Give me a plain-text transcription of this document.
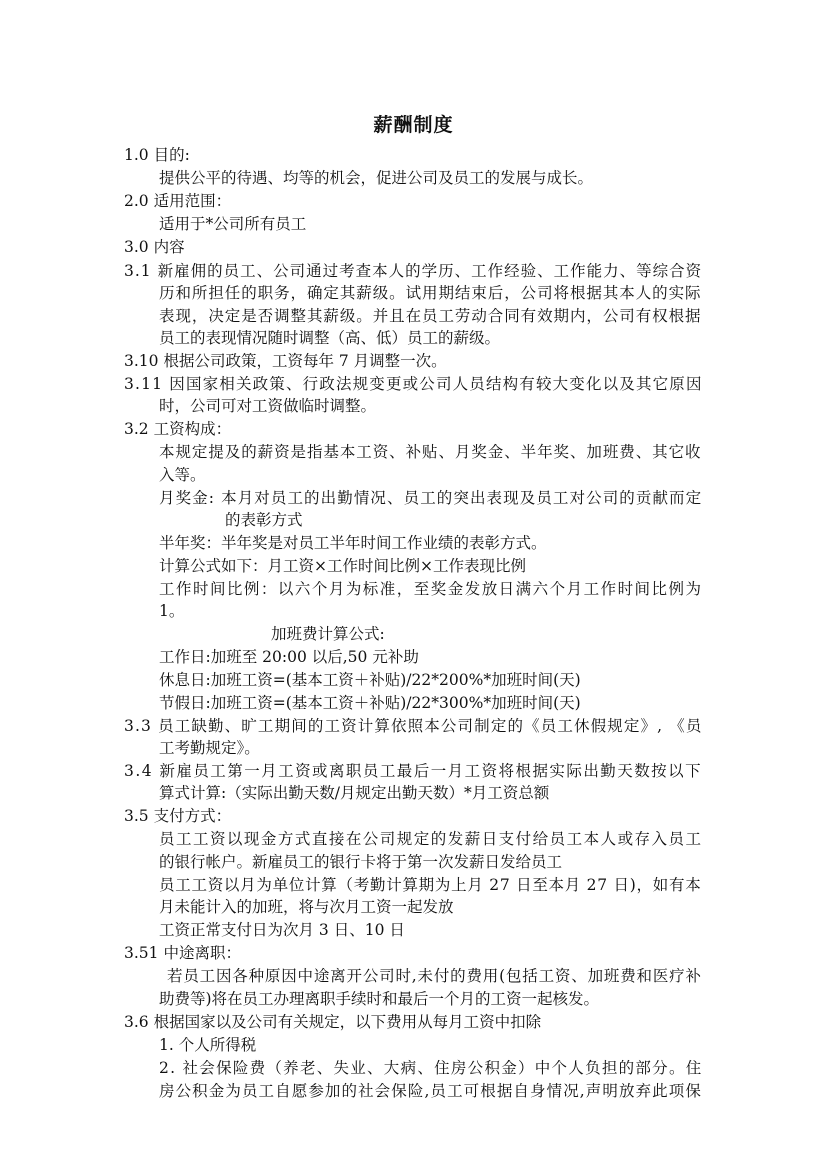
薪酬制度
1.0 目的:
提供公平的待遇、均等的机会，促进公司及员工的发展与成长。
2.0 适用范围：
适用于*公司所有员工
3.0 内容
3.1 新雇佣的员工、公司通过考查本人的学历、工作经验、工作能力、等综合资
历和所担任的职务，确定其薪级。试用期结束后，公司将根据其本人的实际
表现，决定是否调整其薪级。并且在员工劳动合同有效期内，公司有权根据
员工的表现情况随时调整（高、低）员工的薪级。
3.10 根据公司政策，工资每年 7 月调整一次。
3.11 因国家相关政策、行政法规变更或公司人员结构有较大变化以及其它原因
时，公司可对工资做临时调整。
3.2 工资构成：
本规定提及的薪资是指基本工资、补贴、月奖金、半年奖、加班费、其它收
入等。
月奖金: 本月对员工的出勤情况、员工的突出表现及员工对公司的贡献而定
的表彰方式
半年奖：半年奖是对员工半年时间工作业绩的表彰方式。
计算公式如下：月工资×工作时间比例×工作表现比例
工作时间比例：以六个月为标准，至奖金发放日满六个月工作时间比例为
1。
加班费计算公式:
工作日:加班至 20:00 以后,50 元补助
休息日:加班工资=(基本工资＋补贴)/22*200%*加班时间(天)
节假日:加班工资=(基本工资＋补贴)/22*300%*加班时间(天)
3.3 员工缺勤、旷工期间的工资计算依照本公司制定的《员工休假规定》, 《员
工考勤规定》。
3.4 新雇员工第一月工资或离职员工最后一月工资将根据实际出勤天数按以下
算式计算:（实际出勤天数/月规定出勤天数）*月工资总额
3.5 支付方式：
员工工资以现金方式直接在公司规定的发薪日支付给员工本人或存入员工
的银行帐户。新雇员工的银行卡将于第一次发薪日发给员工
员工工资以月为单位计算（考勤计算期为上月 27 日至本月 27 日)，如有本
月未能计入的加班，将与次月工资一起发放
工资正常支付日为次月 3 日、10 日
3.51 中途离职：
若员工因各种原因中途离开公司时,未付的费用(包括工资、加班费和医疗补
助费等)将在员工办理离职手续时和最后一个月的工资一起核发。
3.6 根据国家以及公司有关规定，以下费用从每月工资中扣除
1. 个人所得税
2. 社会保险费（养老、失业、大病、住房公积金）中个人负担的部分。住
房公积金为员工自愿参加的社会保险,员工可根据自身情况,声明放弃此项保
